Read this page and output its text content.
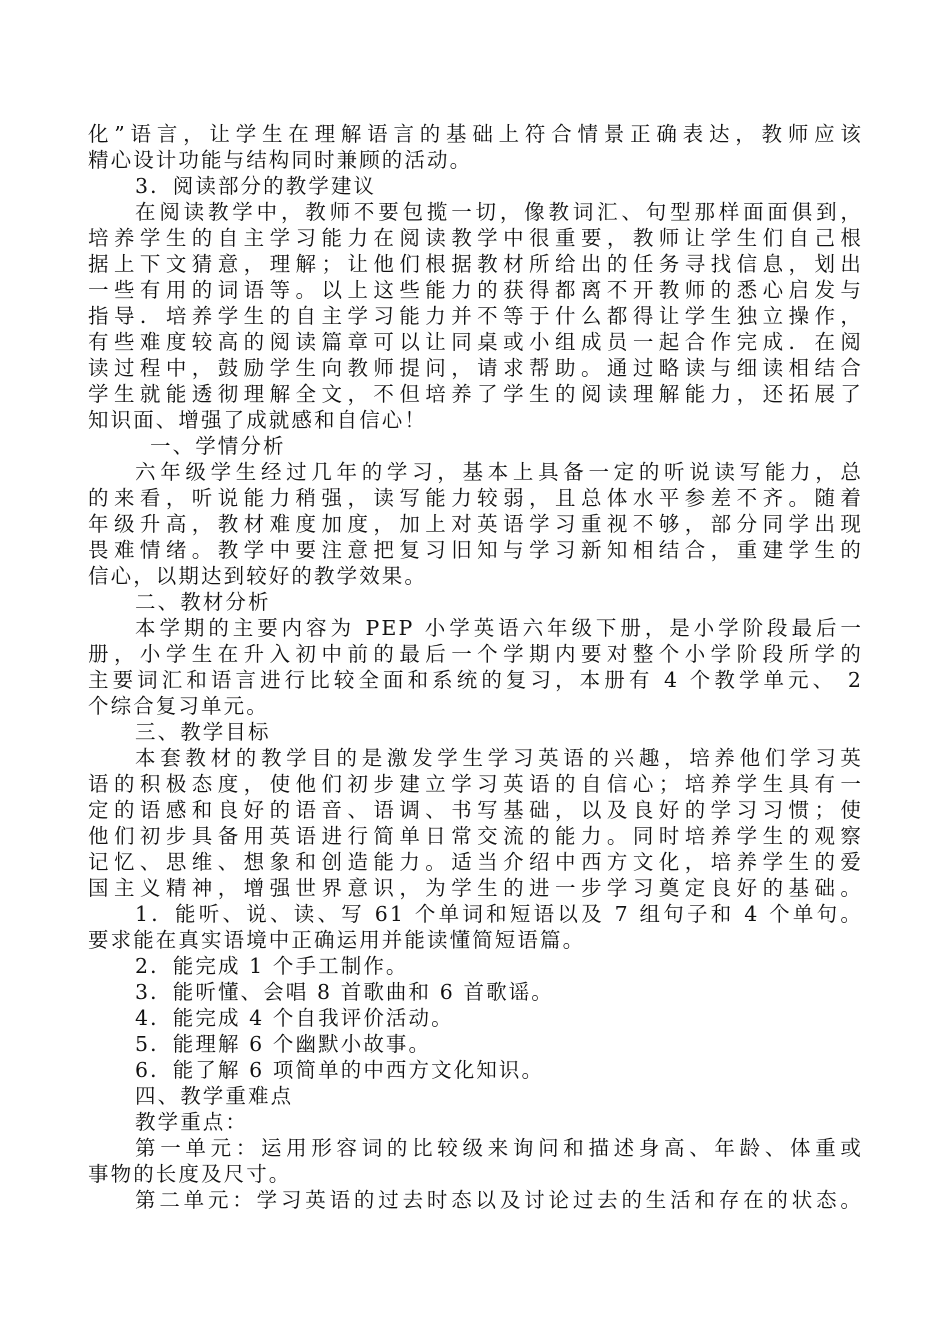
化”语言，让学生在理解语言的基础上符合情景正确表达，教师应该
精心设计功能与结构同时兼顾的活动。
3．阅读部分的教学建议
在阅读教学中，教师不要包揽一切，像教词汇、句型那样面面俱到，
培养学生的自主学习能力在阅读教学中很重要，教师让学生们自己根
据上下文猜意，理解；让他们根据教材所给出的任务寻找信息，划出
一些有用的词语等。以上这些能力的获得都离不开教师的悉心启发与
指导．培养学生的自主学习能力并不等于什么都得让学生独立操作，
有些难度较高的阅读篇章可以让同桌或小组成员一起合作完成．在阅
读过程中，鼓励学生向教师提问，请求帮助。通过略读与细读相结合
学生就能透彻理解全文，不但培养了学生的阅读理解能力，还拓展了
知识面、增强了成就感和自信心！
一、学情分析
六年级学生经过几年的学习，基本上具备一定的听说读写能力，总
的来看，听说能力稍强，读写能力较弱，且总体水平参差不齐。随着
年级升高，教材难度加度，加上对英语学习重视不够，部分同学出现
畏难情绪。教学中要注意把复习旧知与学习新知相结合，重建学生的
信心，以期达到较好的教学效果。
二、教材分析
本学期的主要内容为 PEP 小学英语六年级下册，是小学阶段最后一
册，小学生在升入初中前的最后一个学期内要对整个小学阶段所学的
主要词汇和语言进行比较全面和系统的复习，本册有 4 个教学单元、 2
个综合复习单元。
三、教学目标
本套教材的教学目的是激发学生学习英语的兴趣，培养他们学习英
语的积极态度，使他们初步建立学习英语的自信心；培养学生具有一
定的语感和良好的语音、语调、书写基础，以及良好的学习习惯；使
他们初步具备用英语进行简单日常交流的能力。同时培养学生的观察
记忆、思维、想象和创造能力。适当介绍中西方文化，培养学生的爱
国主义精神，增强世界意识，为学生的进一步学习奠定良好的基础。
1．能听、说、读、写 61 个单词和短语以及 7 组句子和 4 个单句。
要求能在真实语境中正确运用并能读懂简短语篇。
2．能完成 1 个手工制作。
3．能听懂、会唱 8 首歌曲和 6 首歌谣。
4．能完成 4 个自我评价活动。
5．能理解 6 个幽默小故事。
6．能了解 6 项简单的中西方文化知识。
四、教学重难点
教学重点：
第一单元：运用形容词的比较级来询问和描述身高、年龄、体重或
事物的长度及尺寸。
第二单元：学习英语的过去时态以及讨论过去的生活和存在的状态。
